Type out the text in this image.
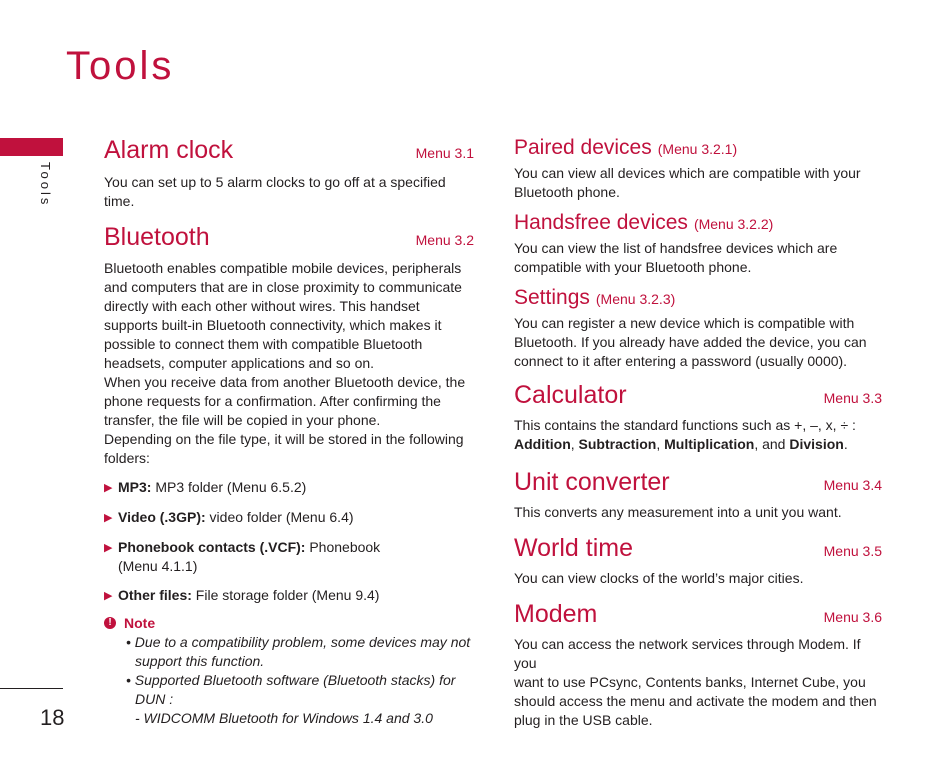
Tools
Tools
18
Alarm clock	Menu 3.1

You can set up to 5 alarm clocks to go off at a specified time.

Bluetooth	Menu 3.2

Bluetooth enables compatible mobile devices, peripherals

and computers that are in close proximity to communicate

directly with each other without wires. This handset

supports built-in Bluetooth connectivity, which makes it

possible to connect them with compatible Bluetooth

headsets, computer applications and so on.

When you receive data from another Bluetooth device, the

phone requests for a confirmation. After confirming the

transfer, the file will be copied in your phone.

Depending on the file type, it will be stored in the following

folders:

▶ MP3: MP3 folder (Menu 6.5.2)
▶ Video (.3GP): video folder (Menu 6.4)
▶ Phonebook contacts (.VCF): Phonebook
(Menu 4.1.1)
▶ Other files: File storage folder (Menu 9.4)
! Note
• Due to a compatibility problem, some devices may not
support this function.
• Supported Bluetooth software (Bluetooth stacks) for
DUN :
- WIDCOMM Bluetooth for Windows 1.4 and 3.0
Paired devices (Menu 3.2.1)

You can view all devices which are compatible with your

Bluetooth phone.

Handsfree devices (Menu 3.2.2)

You can view the list of handsfree devices which are

compatible with your Bluetooth phone.

Settings (Menu 3.2.3)

You can register a new device which is compatible with

Bluetooth. If you already have added the device, you can

connect to it after entering a password (usually 0000).

Calculator	Menu 3.3

This contains the standard functions such as +, –, x, ÷ :

Addition, Subtraction, Multiplication, and Division.

Unit converter	Menu 3.4

This converts any measurement into a unit you want.

World time	Menu 3.5

You can view clocks of the world’s major cities.

Modem	Menu 3.6

You can access the network services through Modem. If you

want to use PCsync, Contents banks, Internet Cube, you

should access the menu and activate the modem and then

plug in the USB cable.
